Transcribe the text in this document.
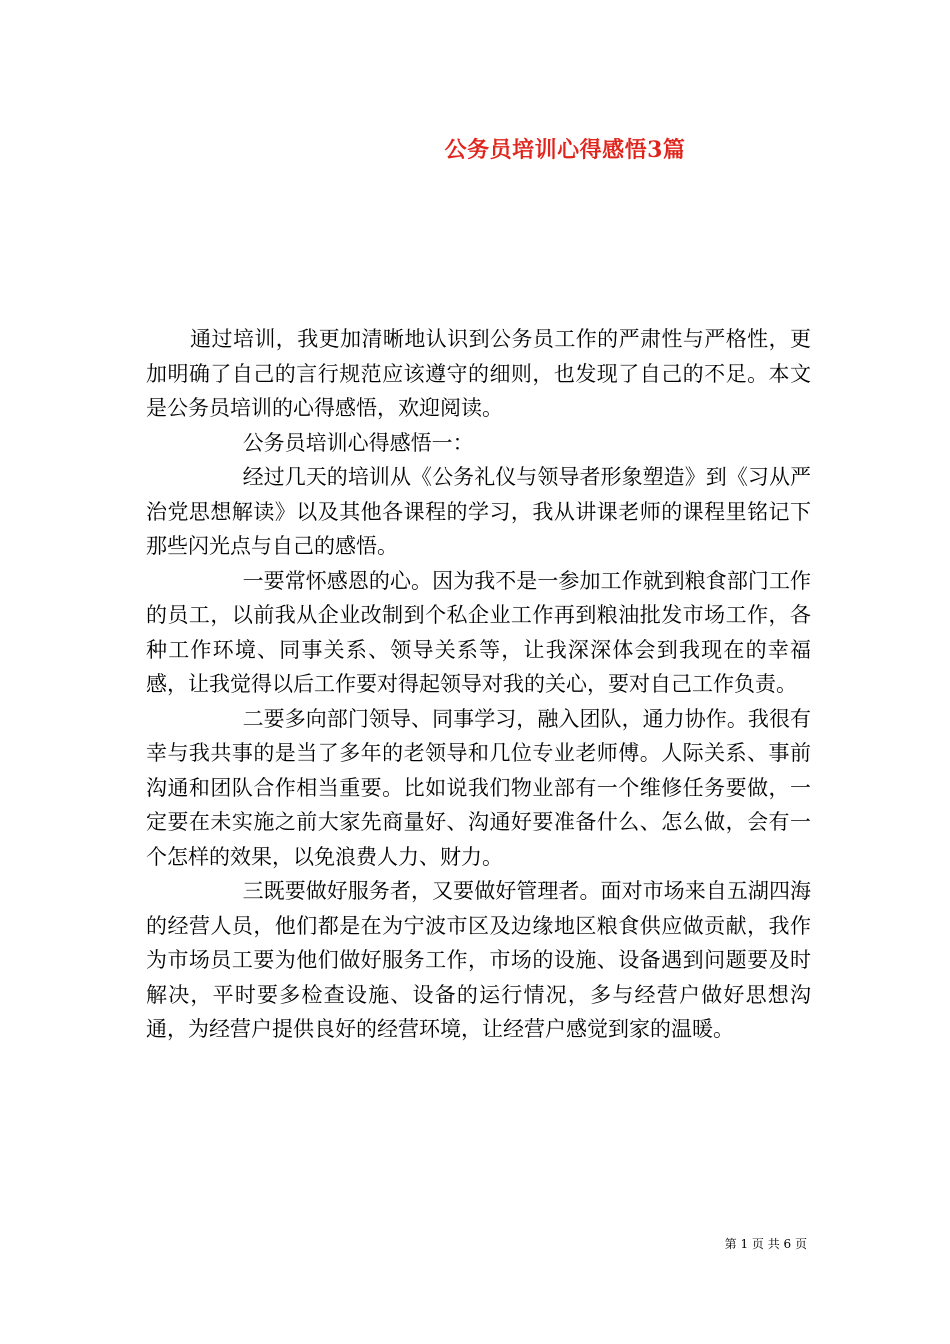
公务员培训心得感悟3篇

通过培训，我更加清晰地认识到公务员工作的严肃性与严格性，更加明确了自己的言行规范应该遵守的细则，也发现了自己的不足。本文是公务员培训的心得感悟，欢迎阅读。

公务员培训心得感悟一：

经过几天的培训从《公务礼仪与领导者形象塑造》到《习从严治党思想解读》以及其他各课程的学习，我从讲课老师的课程里铭记下那些闪光点与自己的感悟。

一要常怀感恩的心。因为我不是一参加工作就到粮食部门工作的员工，以前我从企业改制到个私企业工作再到粮油批发市场工作，各种工作环境、同事关系、领导关系等，让我深深体会到我现在的幸福感，让我觉得以后工作要对得起领导对我的关心，要对自己工作负责。

二要多向部门领导、同事学习，融入团队，通力协作。我很有幸与我共事的是当了多年的老领导和几位专业老师傅。人际关系、事前沟通和团队合作相当重要。比如说我们物业部有一个维修任务要做，一定要在未实施之前大家先商量好、沟通好要准备什么、怎么做，会有一个怎样的效果，以免浪费人力、财力。

三既要做好服务者，又要做好管理者。面对市场来自五湖四海的经营人员，他们都是在为宁波市区及边缘地区粮食供应做贡献，我作为市场员工要为他们做好服务工作，市场的设施、设备遇到问题要及时解决，平时要多检查设施、设备的运行情况，多与经营户做好思想沟通，为经营户提供良好的经营环境，让经营户感觉到家的温暖。

第 1 页 共 6 页
